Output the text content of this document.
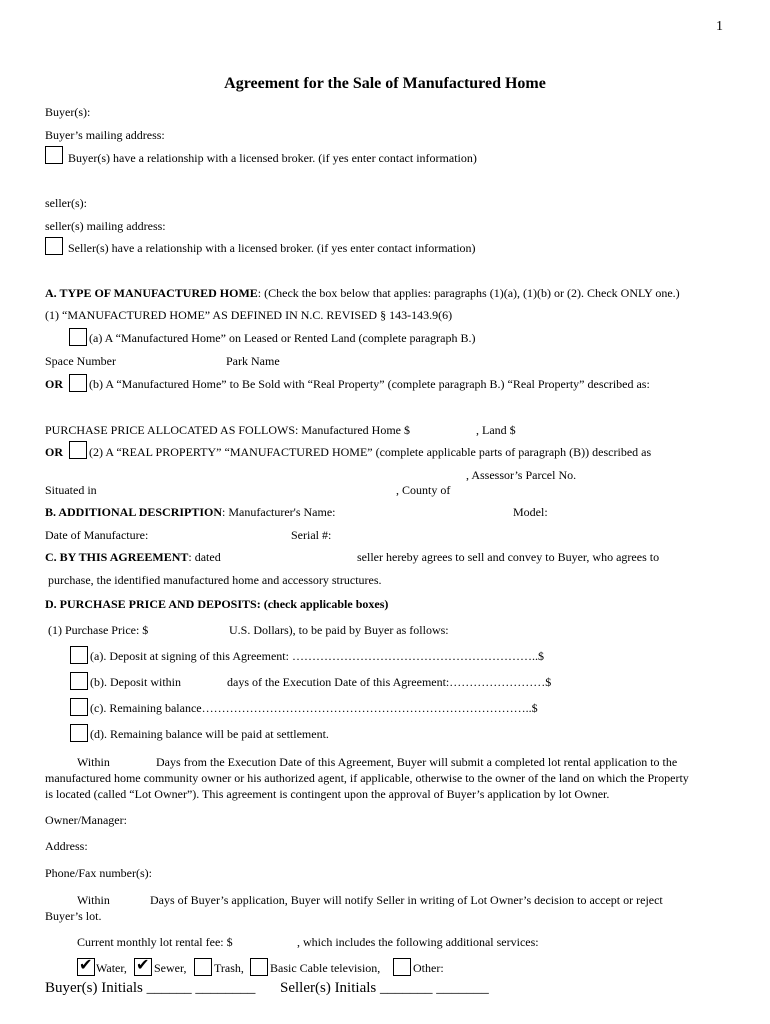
1
Agreement for the Sale of Manufactured Home
Buyer(s):
Buyer’s mailing address:
Buyer(s) have a relationship with a licensed broker. (if yes enter contact information)
seller(s):
seller(s) mailing address:
Seller(s) have a relationship with a licensed broker. (if yes enter contact information)
A. TYPE OF MANUFACTURED HOME: (Check the box below that applies: paragraphs (1)(a), (1)(b) or (2). Check ONLY one.)
(1) “MANUFACTURED HOME” AS DEFINED IN N.C. REVISED § 143-143.9(6)
(a) A “Manufactured Home” on Leased or Rented Land (complete paragraph B.)
Space Number	Park Name
OR (b) A “Manufactured Home” to Be Sold with “Real Property” (complete paragraph B.) “Real Property” described as:
PURCHASE PRICE ALLOCATED AS FOLLOWS: Manufactured Home $	, Land $
OR (2) A “REAL PROPERTY” “MANUFACTURED HOME” (complete applicable parts of paragraph (B)) described as
, Assessor’s Parcel No.
Situated in	, County of
B. ADDITIONAL DESCRIPTION: Manufacturer's Name:	Model:
Date of Manufacture:	Serial #:
C. BY THIS AGREEMENT: dated	seller hereby agrees to sell and convey to Buyer, who agrees to
purchase, the identified manufactured home and accessory structures.
D. PURCHASE PRICE AND DEPOSITS: (check applicable boxes)
(1) Purchase Price: $	U.S. Dollars), to be paid by Buyer as follows:
(a). Deposit at signing of this Agreement: ……………………………………………………..$
(b). Deposit within	days of the Execution Date of this Agreement:……………………$
(c). Remaining balance………………………………………………………………………..$
(d). Remaining balance will be paid at settlement.
Within	Days from the Execution Date of this Agreement, Buyer will submit a completed lot rental application to the
manufactured home community owner or his authorized agent, if applicable, otherwise to the owner of the land on which the Property
is located (called “Lot Owner”). This agreement is contingent upon the approval of Buyer’s application by lot Owner.
Owner/Manager:
Address:
Phone/Fax number(s):
Within	Days of Buyer’s application, Buyer will notify Seller in writing of Lot Owner’s decision to accept or reject
Buyer’s lot.
Current monthly lot rental fee: $	, which includes the following additional services:
✔
Water,
✔ Sewer, Trash, Basic Cable television,	Other:
Buyer(s) Initials ______ ________ Seller(s) Initials _______ _______
